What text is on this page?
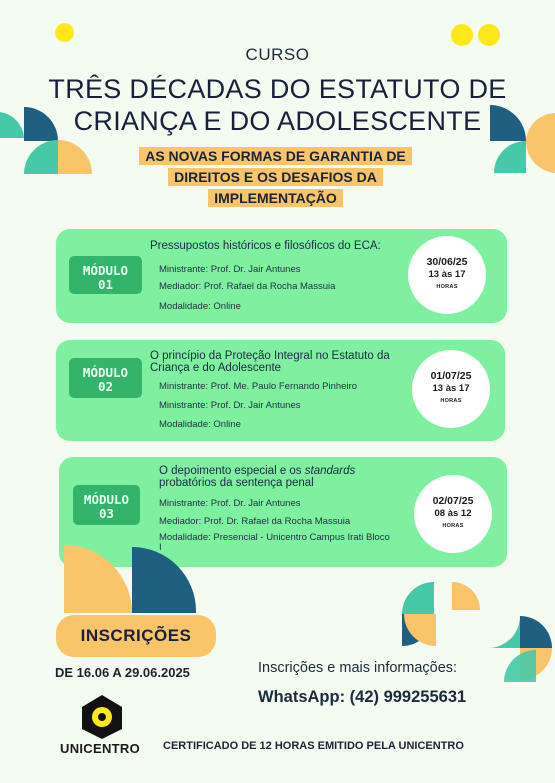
CURSO
TRÊS DÉCADAS DO ESTATUTO DE
CRIANÇA E DO ADOLESCENTE
AS NOVAS FORMAS DE GARANTIA DE DIREITOS E OS DESAFIOS DA IMPLEMENTAÇÃO
MÓDULO
01
Pressupostos históricos e filosóficos do ECA:
Ministrante: Prof. Dr. Jair Antunes
Mediador: Prof. Rafael da Rocha Massuia
Modalidade: Online
30/06/25
13 às 17
HORAS
MÓDULO
02
O princípio da Proteção Integral no Estatuto da Criança e do Adolescente
Ministrante: Prof. Me. Paulo Fernando Pinheiro
Ministrante: Prof. Dr. Jair Antunes
Modalidade: Online
01/07/25
13 às 17
HORAS
MÓDULO
03
O depoimento especial e os standards probatórios da sentença penal
Ministrante: Prof. Dr. Jair Antunes
Mediador: Prof. Dr. Rafael da Rocha Massuia
Modalidade: Presencial - Unicentro Campus Irati Bloco I
02/07/25
08 às 12
HORAS
INSCRIÇÕES
DE 16.06 A 29.06.2025	Inscrições e mais informações:
WhatsApp: (42) 999255631
UNICENTRO CERTIFICADO DE 12 HORAS EMITIDO PELA UNICENTRO
